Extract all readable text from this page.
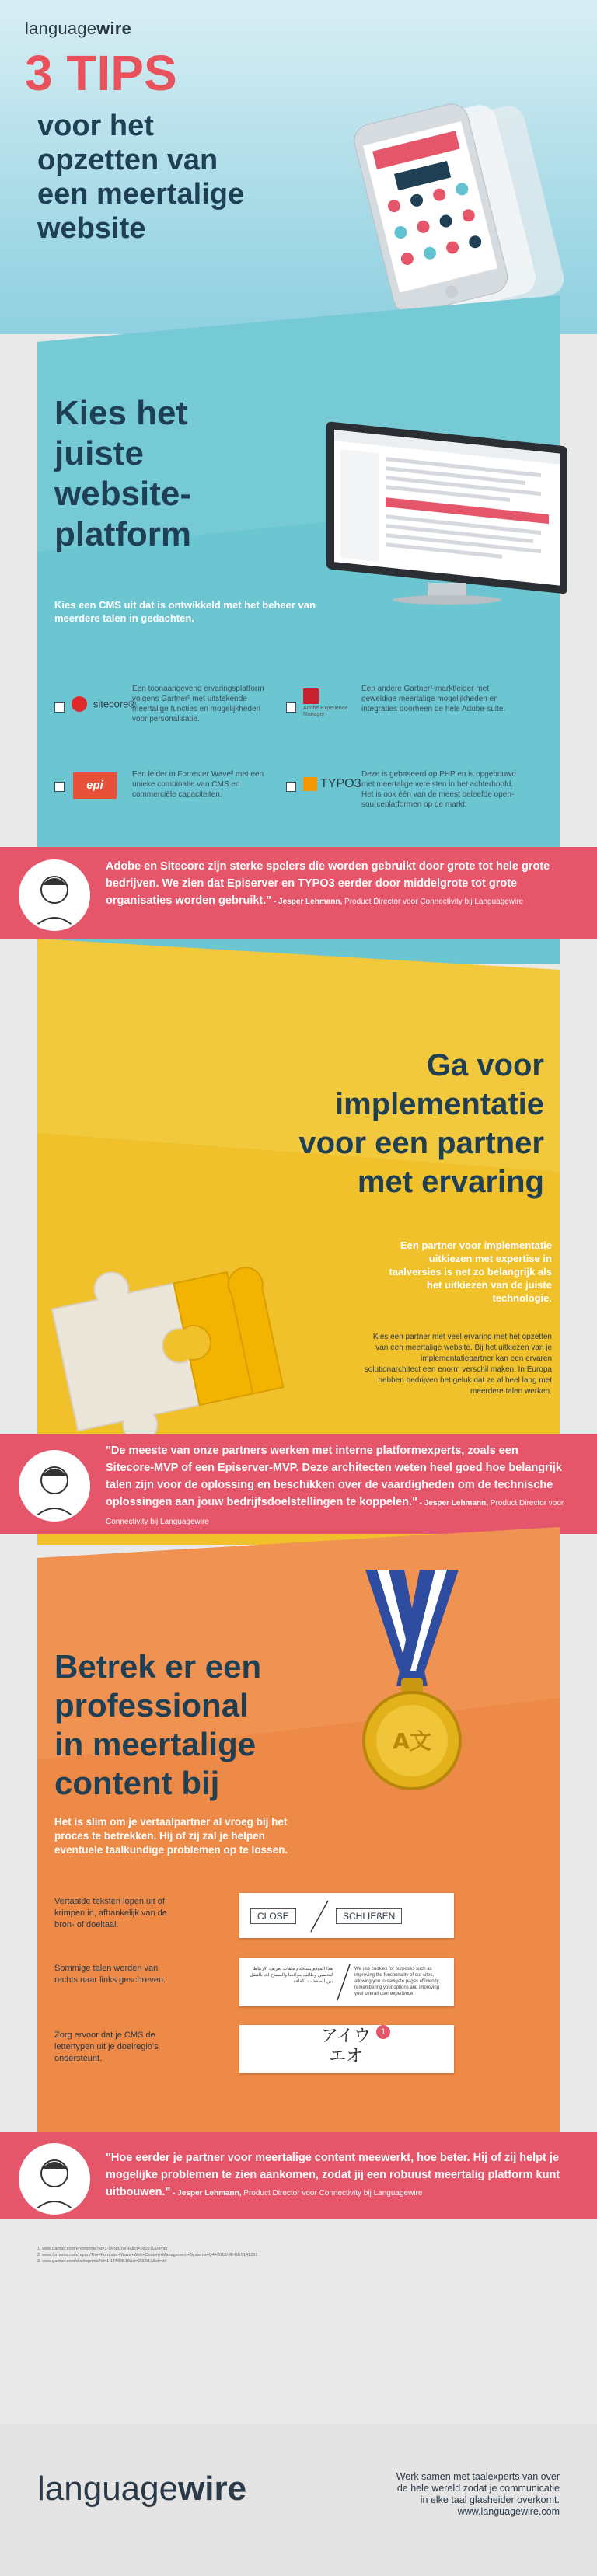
languagewire
3 TIPS
voor het
opzetten van
een meertalige
website
Kies het
juiste
website-
platform
Kies een CMS uit dat is ontwikkeld met het beheer van meerdere talen in gedachten.
sitecore®
Een toonaangevend ervaringsplatform volgens Gartner¹ met uitstekende meertalige functies en mogelijkheden voor personalisatie.
Adobe Experience Manager
Een andere Gartner¹-marktleider met geweldige meertalige mogelijkheden en integraties doorheen de hele Adobe-suite.
epi
Een leider in Forrester Wave² met een unieke combinatie van CMS en commerciële capaciteiten.
TYPO3
Deze is gebaseerd op PHP en is opgebouwd met meertalige vereisten in het achterhoofd. Het is ook één van de meest beleefde open-sourceplatformen op de markt.
Adobe en Sitecore zijn sterke spelers die worden gebruikt door grote tot hele grote bedrijven. We zien dat Episerver en TYPO3 eerder door middelgrote tot grote organisaties worden gebruikt." - Jesper Lehmann, Product Director voor Connectivity bij Languagewire
Ga voor
implementatie
voor een partner
met ervaring
Een partner voor implementatie uitkiezen met expertise in taalversies is net zo belangrijk als het uitkiezen van de juiste technologie.
Kies een partner met veel ervaring met het opzetten van een meertalige website. Bij het uitkiezen van je implementatiepartner kan een ervaren solutionarchitect een enorm verschil maken. In Europa hebben bedrijven het geluk dat ze al heel lang met meerdere talen werken.
"De meeste van onze partners werken met interne platformexperts, zoals een Sitecore-MVP of een Episerver-MVP. Deze architecten weten heel goed hoe belangrijk talen zijn voor de oplossing en beschikken over de vaardigheden om de technische oplossingen aan jouw bedrijfsdoelstellingen te koppelen." - Jesper Lehmann, Product Director voor Connectivity bij Languagewire
A文
Betrek er een
professional
in meertalige
content bij
Het is slim om je vertaalpartner al vroeg bij het proces te betrekken. Hij of zij zal je helpen eventuele taalkundige problemen op te lossen.
Vertaalde teksten lopen uit of krimpen in, afhankelijk van de bron- of doeltaal.
CLOSE	SCHLIEßEN
Sommige talen worden van rechts naar links geschreven.
هذا الموقع يستخدم ملفات تعريف الارتباط لتحسين وظائف مواقعنا والسماح لك بالتنقل بين الصفحات بكفاءة
We use cookies for purposes such as improving the functionality of our sites, allowing you to navigate pages efficiently, remembering your options and improving your overall user experience.
Zorg ervoor dat je CMS de lettertypen uit je doelregio's ondersteunt.
アイウ
エオ
1
"Hoe eerder je partner voor meertalige content meewerkt, hoe beter. Hij of zij helpt je mogelijke problemen te zien aankomen, zodat jij een robuust meertalig platform kunt uitbouwen." - Jesper Lehmann, Product Director voor Connectivity bij Languagewire
1. www.gartner.com/en/reprints?id=1-1RN8DWHx&ct=180911&st=sb
2. www.forrester.com/report/The+Forrester+Wave+Web+Content+Management+Systems+Q4+2018/-/E-RES141281
3. www.gartner.com/doc/reprints?id=1-1TMRB18&ct=200513&st=sb
languagewire	Werk samen met taalexperts van over
de hele wereld zodat je communicatie
in elke taal glasheider overkomt.
www.languagewire.com
